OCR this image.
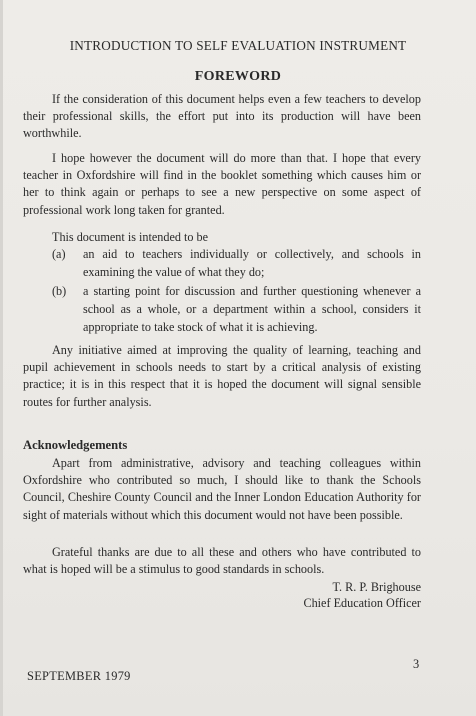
INTRODUCTION TO SELF EVALUATION INSTRUMENT
FOREWORD

If the consideration of this document helps even a few teachers to develop their professional skills, the effort put into its production will have been worthwhile.

I hope however the document will do more than that. I hope that every teacher in Oxfordshire will find in the booklet something which causes him or her to think again or perhaps to see a new perspective on some aspect of professional work long taken for granted.

This document is intended to be
(a) an aid to teachers individually or collectively, and schools in examining the value of what they do;
(b) a starting point for discussion and further questioning whenever a school as a whole, or a department within a school, considers it appropriate to take stock of what it is achieving.

Any initiative aimed at improving the quality of learning, teaching and pupil achievement in schools needs to start by a critical analysis of existing practice; it is in this respect that it is hoped the document will signal sensible routes for further analysis.

Acknowledgements

Apart from administrative, advisory and teaching colleagues within Oxfordshire who contributed so much, I should like to thank the Schools Council, Cheshire County Council and the Inner London Education Authority for sight of materials without which this document would not have been possible.

Grateful thanks are due to all these and others who have contributed to what is hoped will be a stimulus to good standards in schools.

T. R. P. Brighouse
Chief Education Officer
3
SEPTEMBER 1979
